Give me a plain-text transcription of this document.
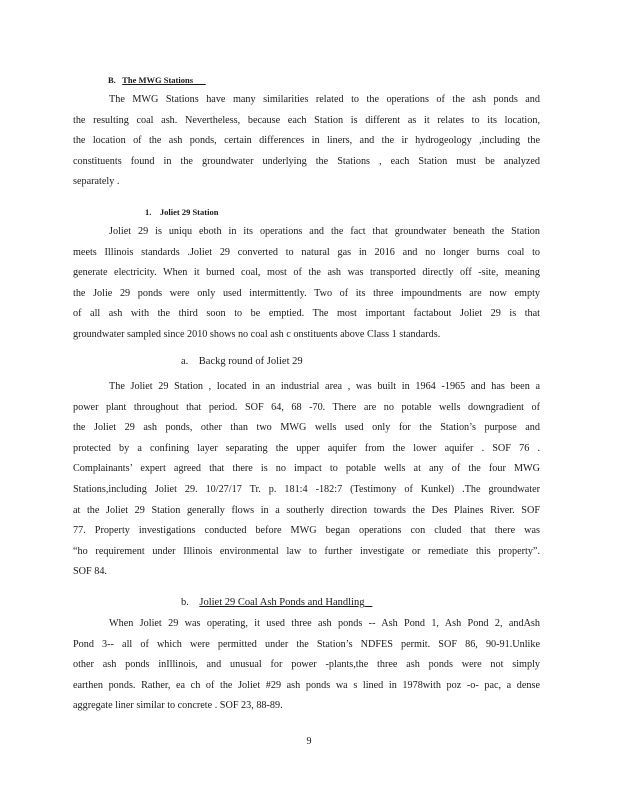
B. The MWG Stations
The MWG Stations have many similarities related to the operations of the ash ponds and
the resulting coal ash. Nevertheless, because each Station is different as it relates to its location,
the location of the ash ponds, certain differences in liners, and the ir hydrogeology ,including the
constituents found in the groundwater underlying the Stations , each Station must be analyzed
separately .
1. Joliet 29 Station
Joliet 29 is uniqu eboth in its operations and the fact that groundwater beneath the Station
meets Illinois standards .Joliet 29 converted to natural gas in 2016 and no longer burns coal to
generate electricity. When it burned coal, most of the ash was transported directly off -site, meaning
the Jolie 29 ponds were only used intermittently. Two of its three impoundments are now empty
of all ash with the third soon to be emptied. The most important factabout Joliet 29 is that
groundwater sampled since 2010 shows no coal ash c onstituents above Class 1 standards.
a. Backg round of Joliet 29
The Joliet 29 Station , located in an industrial area , was built in 1964 -1965 and has been a
power plant throughout that period. SOF 64, 68 -70. There are no potable wells downgradient of
the Joliet 29 ash ponds, other than two MWG wells used only for the Station’s purpose and
protected by a confining layer separating the upper aquifer from the lower aquifer . SOF 76 .
Complainants’ expert agreed that there is no impact to potable wells at any of the four MWG
Stations,including Joliet 29. 10/27/17 Tr. p. 181:4 -182:7 (Testimony of Kunkel) .The groundwater
at the Joliet 29 Station generally flows in a southerly direction towards the Des Plaines River. SOF
77. Property investigations conducted before MWG began operations con cluded that there was
“ho requirement under Illinois environmental law to further investigate or remediate this property”.
SOF 84.
b. Joliet 29 Coal Ash Ponds and Handling
When Joliet 29 was operating, it used three ash ponds -- Ash Pond 1, Ash Pond 2, andAsh
Pond 3-- all of which were permitted under the Station’s NDFES permit. SOF 86, 90-91.Unlike
other ash ponds inIllinois, and unusual for power -plants,the three ash ponds were not simply
earthen ponds. Rather, ea ch of the Joliet #29 ash ponds wa s lined in 1978with poz -o- pac, a dense
aggregate liner similar to concrete . SOF 23, 88-89.
9
